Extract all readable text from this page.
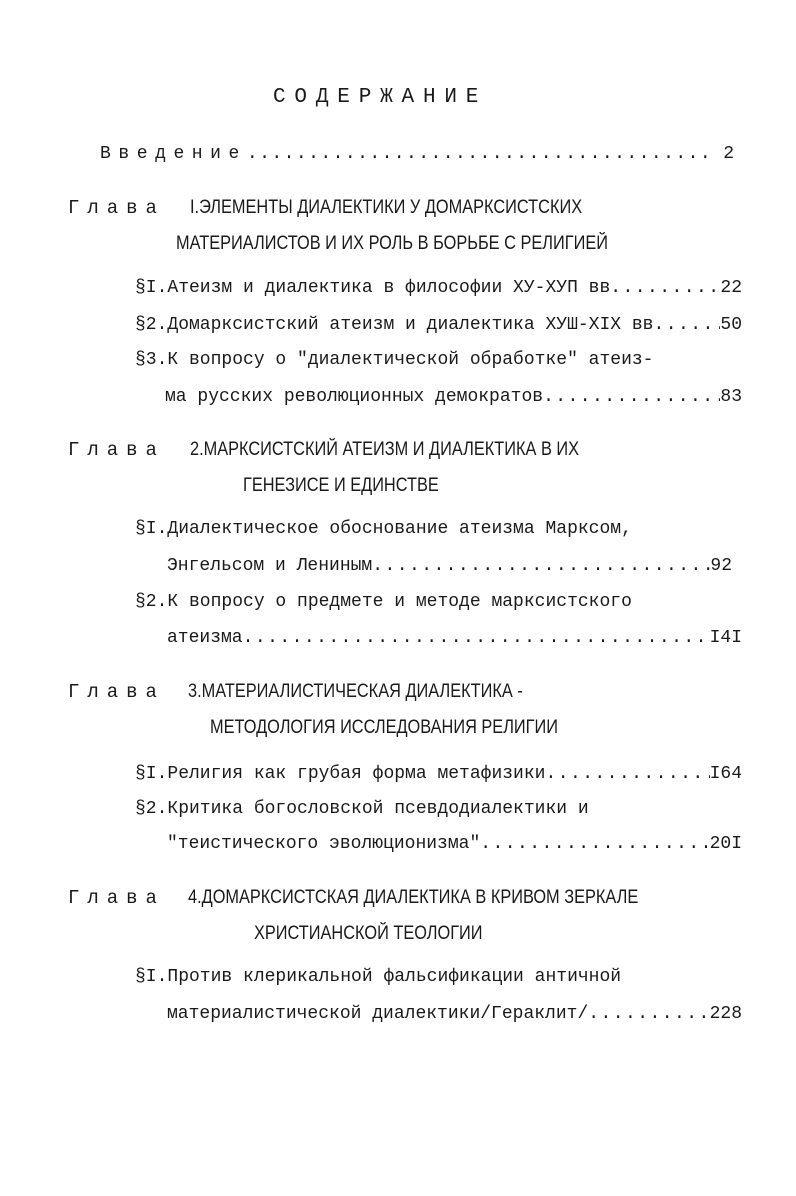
СОДЕРЖАНИЕ
Введение .....	2
Глава I.ЭЛЕМЕНТЫ ДИАЛЕКТИКИ У ДОМАРКСИСТСКИХ
МАТЕРИАЛИСТОВ И ИХ РОЛЬ В БОРЬБЕ С РЕЛИГИЕЙ
§I.Атеизм и диалектика в философии ХУ-ХУП вв .....	22
§2.Домарксистский атеизм и диалектика ХУШ-XIX вв .....	50
§3.К вопросу о "диалектической обработке" атеиз-
ма русских революционных демократов .....	83
Глава 2.МАРКСИСТСКИЙ АТЕИЗМ И ДИАЛЕКТИКА В ИХ
ГЕНЕЗИСЕ И ЕДИНСТВЕ
§I.Диалектическое обоснование атеизма Марксом,
Энгельсом и Лениным .....	92
§2.К вопросу о предмете и методе марксистского
атеизма .....	I4I
Глава 3.МАТЕРИАЛИСТИЧЕСКАЯ ДИАЛЕКТИКА -
МЕТОДОЛОГИЯ ИССЛЕДОВАНИЯ РЕЛИГИИ
§I.Религия как грубая форма метафизики .....	I64
§2.Критика богословской псевдодиалектики и
"теистического эволюционизма" .....	20I
Глава 4.ДОМАРКСИСТСКАЯ ДИАЛЕКТИКА В КРИВОМ ЗЕРКАЛЕ
ХРИСТИАНСКОЙ ТЕОЛОГИИ
§I.Против клерикальной фальсификации античной
материалистической диалектики/Гераклит/ .....	228
